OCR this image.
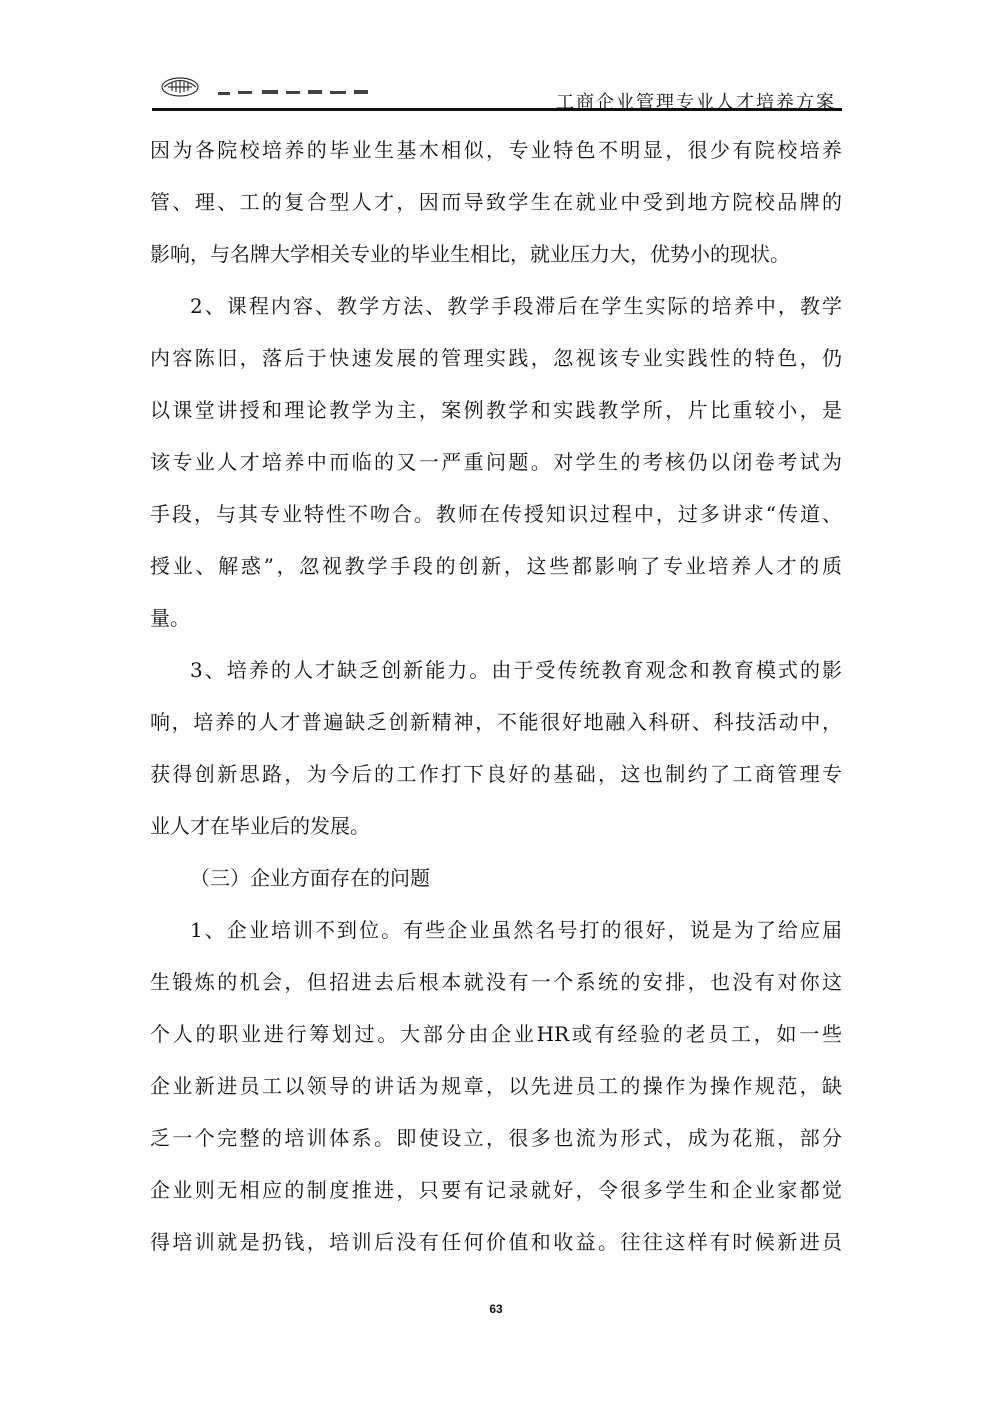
工商企业管理专业人才培养方案
因为各院校培养的毕业生基木相似，专业特色不明显，很少有院校培养
管、理、工的复合型人才，因而导致学生在就业中受到地方院校品牌的
影响，与名牌大学相关专业的毕业生相比，就业压力大，优势小的现状。
2、课程内容、教学方法、教学手段滞后在学生实际的培养中，教学
内容陈旧，落后于快速发展的管理实践，忽视该专业实践性的特色，仍
以课堂讲授和理论教学为主，案例教学和实践教学所，片比重较小，是
该专业人才培养中而临的又一严重问题。对学生的考核仍以闭卷考试为
手段，与其专业特性不吻合。教师在传授知识过程中，过多讲求“传道、
授业、解惑”，忽视教学手段的创新，这些都影响了专业培养人才的质
量。
3、培养的人才缺乏创新能力。由于受传统教育观念和教育模式的影
响，培养的人才普遍缺乏创新精神，不能很好地融入科研、科技活动中，
获得创新思路，为今后的工作打下良好的基础，这也制约了工商管理专
业人才在毕业后的发展。
（三）企业方面存在的问题
1、企业培训不到位。有些企业虽然名号打的很好，说是为了给应届
生锻炼的机会，但招进去后根本就没有一个系统的安排，也没有对你这
个人的职业进行筹划过。大部分由企业HR或有经验的老员工，如一些
企业新进员工以领导的讲话为规章，以先进员工的操作为操作规范，缺
乏一个完整的培训体系。即使设立，很多也流为形式，成为花瓶，部分
企业则无相应的制度推进，只要有记录就好，令很多学生和企业家都觉
得培训就是扔钱，培训后没有任何价值和收益。往往这样有时候新进员
63
